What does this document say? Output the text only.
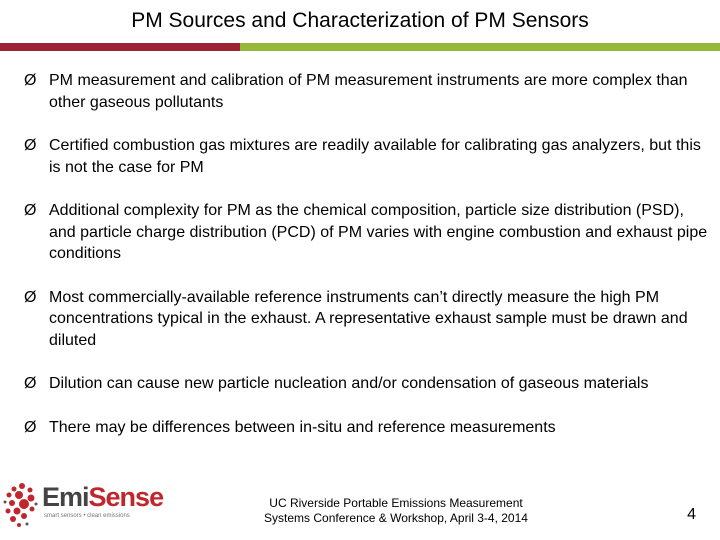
PM Sources and Characterization of PM Sensors
Ø PM measurement and calibration of PM measurement instruments are more complex than other gaseous pollutants
Ø Certified combustion gas mixtures are readily available for calibrating gas analyzers, but this is not the case for PM
Ø Additional complexity for PM as the chemical composition, particle size distribution (PSD), and particle charge distribution (PCD) of PM varies with engine combustion and exhaust pipe conditions
Ø Most commercially-available reference instruments can’t directly measure the high PM concentrations typical in the exhaust. A representative exhaust sample must be drawn and diluted
Ø Dilution can cause new particle nucleation and/or condensation of gaseous materials
Ø There may be differences between in-situ and reference measurements
EmiSense
smart sensors • clean emissions
UC Riverside Portable Emissions Measurement
Systems Conference & Workshop, April 3-4, 2014	4
